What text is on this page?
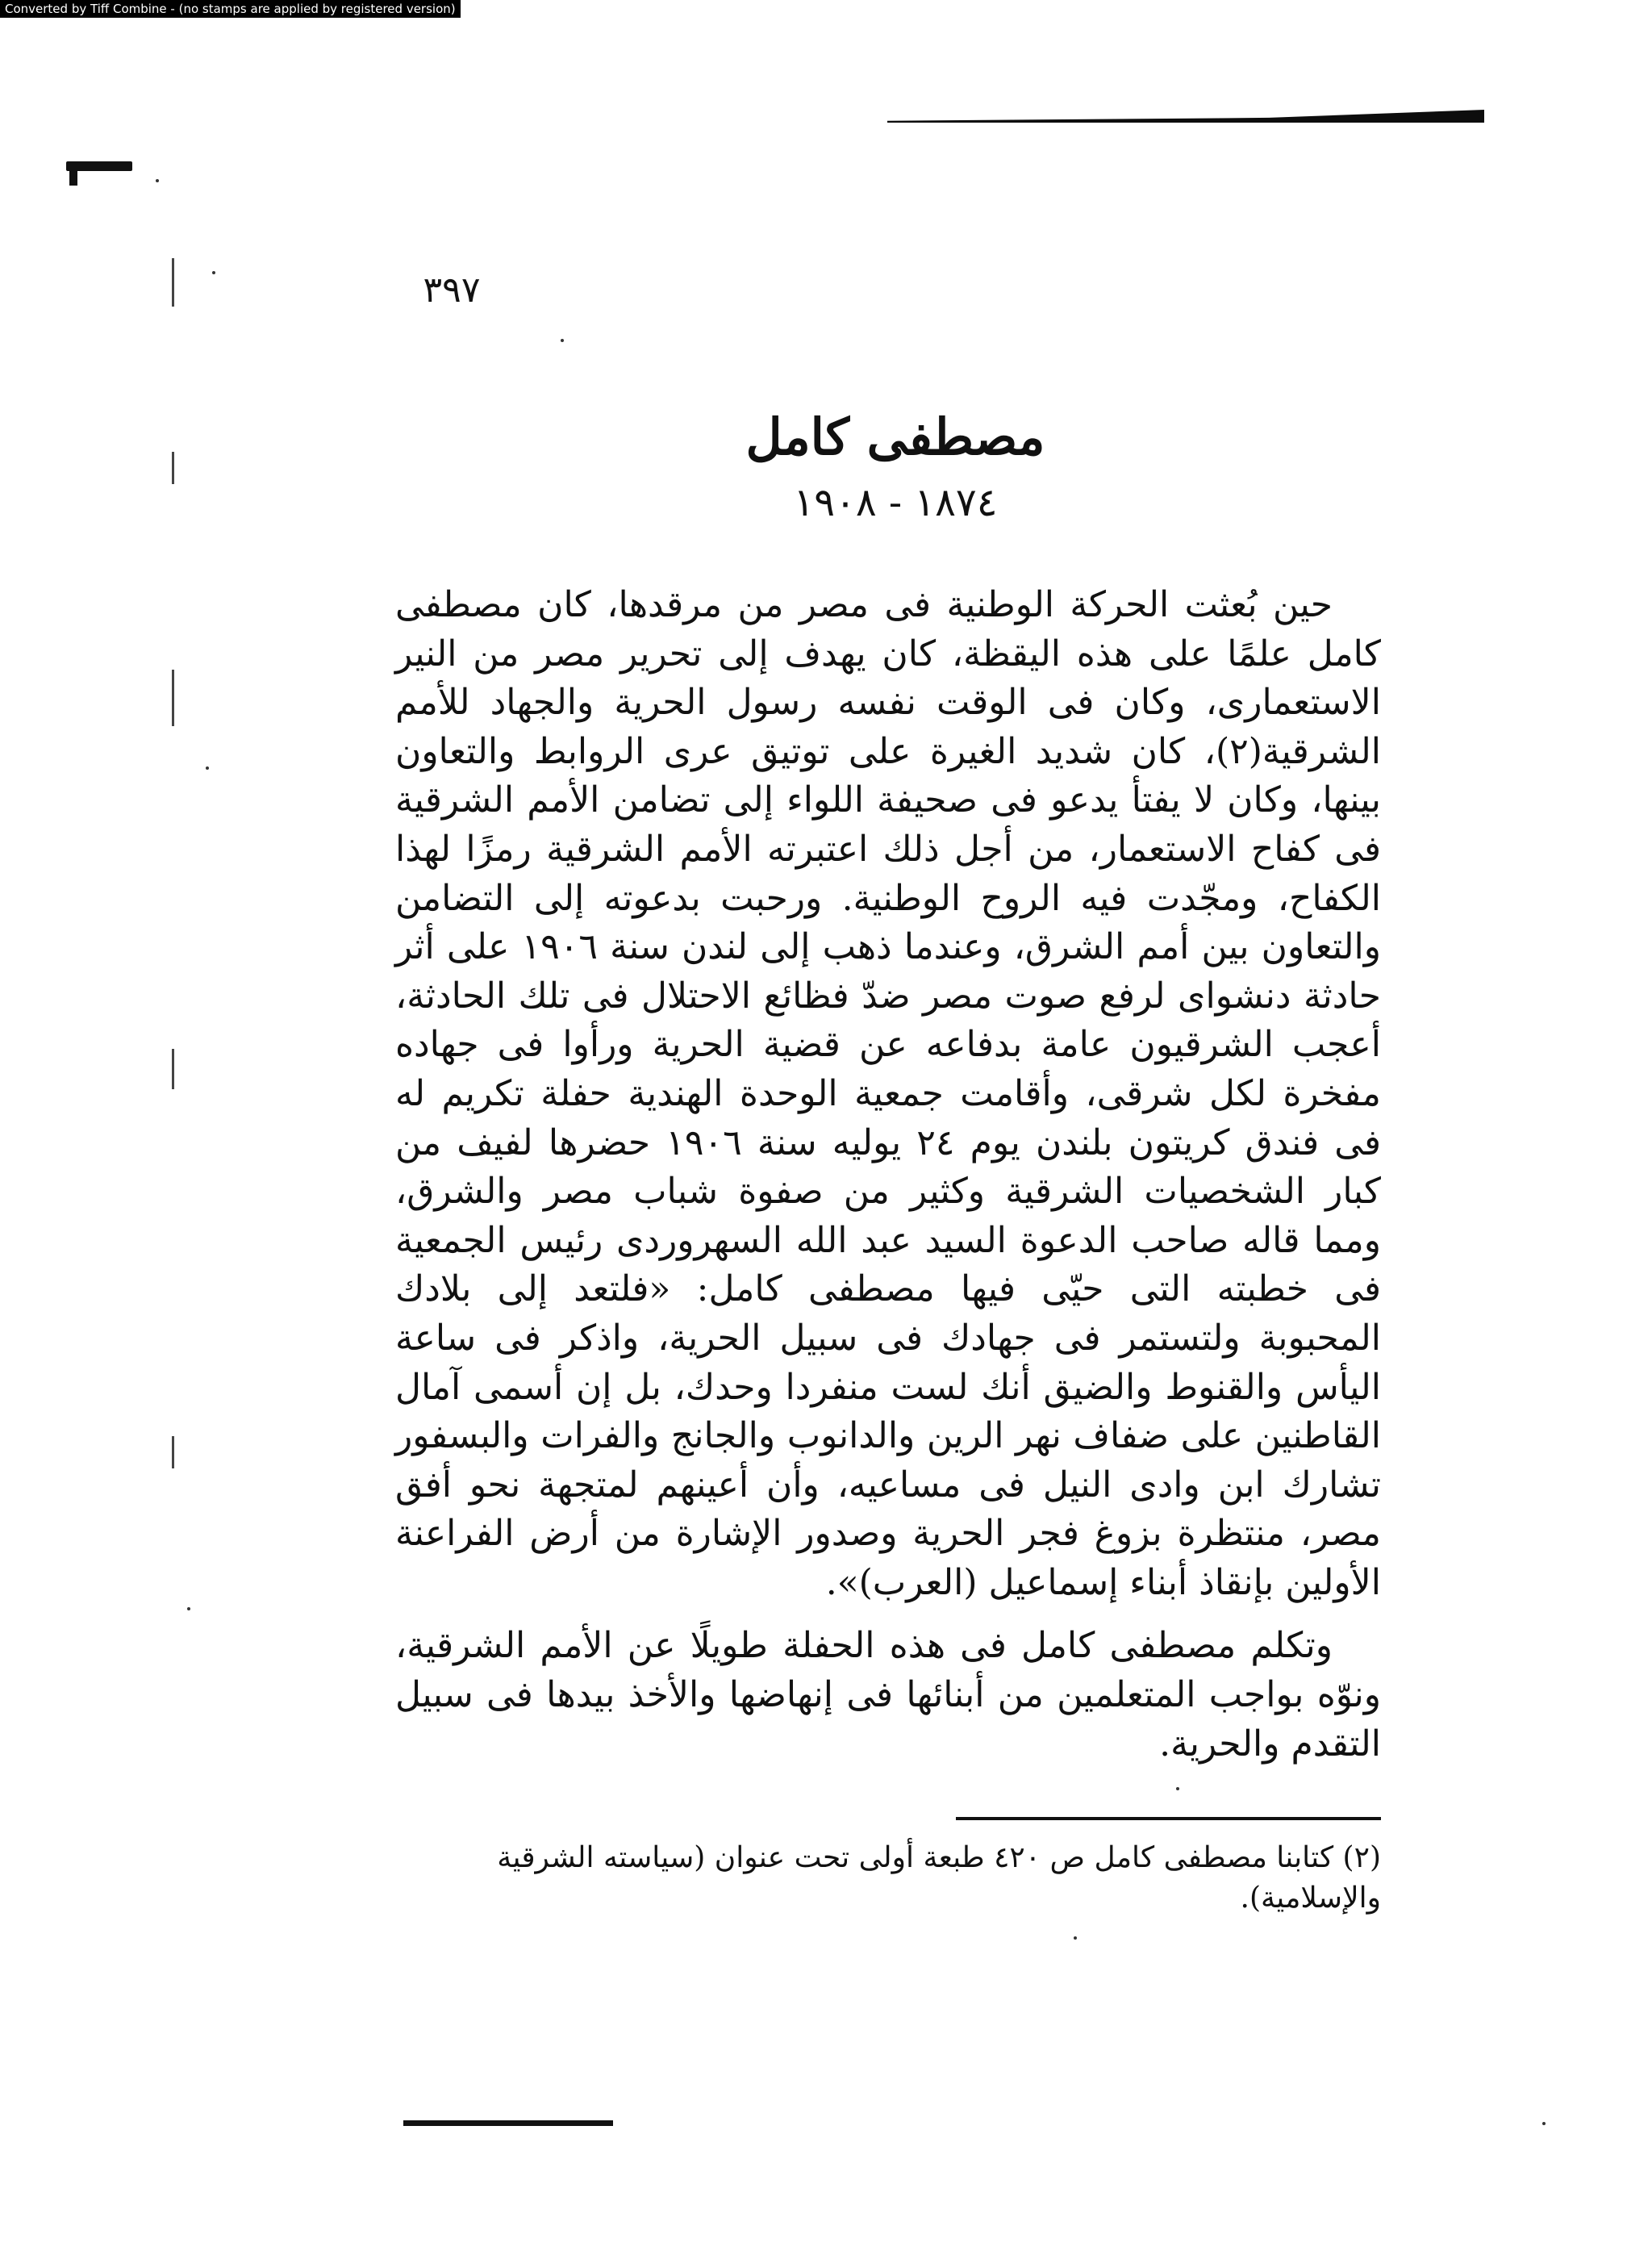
Converted by Tiff Combine - (no stamps are applied by registered version)
٣٩٧
مصطفى كامل
١٨٧٤ - ١٩٠٨

حين بُعثت الحركة الوطنية فى مصر من مرقدها، كان مصطفى كامل علمًا على هذه اليقظة، كان يهدف إلى تحرير مصر من النير الاستعمارى، وكان فى الوقت نفسه رسول الحرية والجهاد للأمم الشرقية(٢)، كان شديد الغيرة على توتيق عرى الروابط والتعاون بينها، وكان لا يفتأ يدعو فى صحيفة اللواء إلى تضامن الأمم الشرقية فى كفاح الاستعمار، من أجل ذلك اعتبرته الأمم الشرقية رمزًا لهذا الكفاح، ومجّدت فيه الروح الوطنية. ورحبت بدعوته إلى التضامن والتعاون بين أمم الشرق، وعندما ذهب إلى لندن سنة ١٩٠٦ على أثر حادثة دنشواى لرفع صوت مصر ضدّ فظائع الاحتلال فى تلك الحادثة، أعجب الشرقيون عامة بدفاعه عن قضية الحرية ورأوا فى جهاده مفخرة لكل شرقى، وأقامت جمعية الوحدة الهندية حفلة تكريم له فى فندق كريتون بلندن يوم ٢٤ يوليه سنة ١٩٠٦ حضرها لفيف من كبار الشخصيات الشرقية وكثير من صفوة شباب مصر والشرق، ومما قاله صاحب الدعوة السيد عبد الله السهروردى رئيس الجمعية فى خطبته التى حيّى فيها مصطفى كامل: «فلتعد إلى بلادك المحبوبة ولتستمر فى جهادك فى سبيل الحرية، واذكر فى ساعة اليأس والقنوط والضيق أنك لست منفردا وحدك، بل إن أسمى آمال القاطنين على ضفاف نهر الرين والدانوب والجانج والفرات والبسفور تشارك ابن وادى النيل فى مساعيه، وأن أعينهم لمتجهة نحو أفق مصر، منتظرة بزوغ فجر الحرية وصدور الإشارة من أرض الفراعنة الأولين بإنقاذ أبناء إسماعيل (العرب)».

وتكلم مصطفى كامل فى هذه الحفلة طويلًا عن الأمم الشرقية، ونوّه بواجب المتعلمين من أبنائها فى إنهاضها والأخذ بيدها فى سبيل التقدم والحرية.

(٢) كتابنا مصطفى كامل ص ٤٢٠ طبعة أولى تحت عنوان (سياسته الشرقية والإسلامية).
